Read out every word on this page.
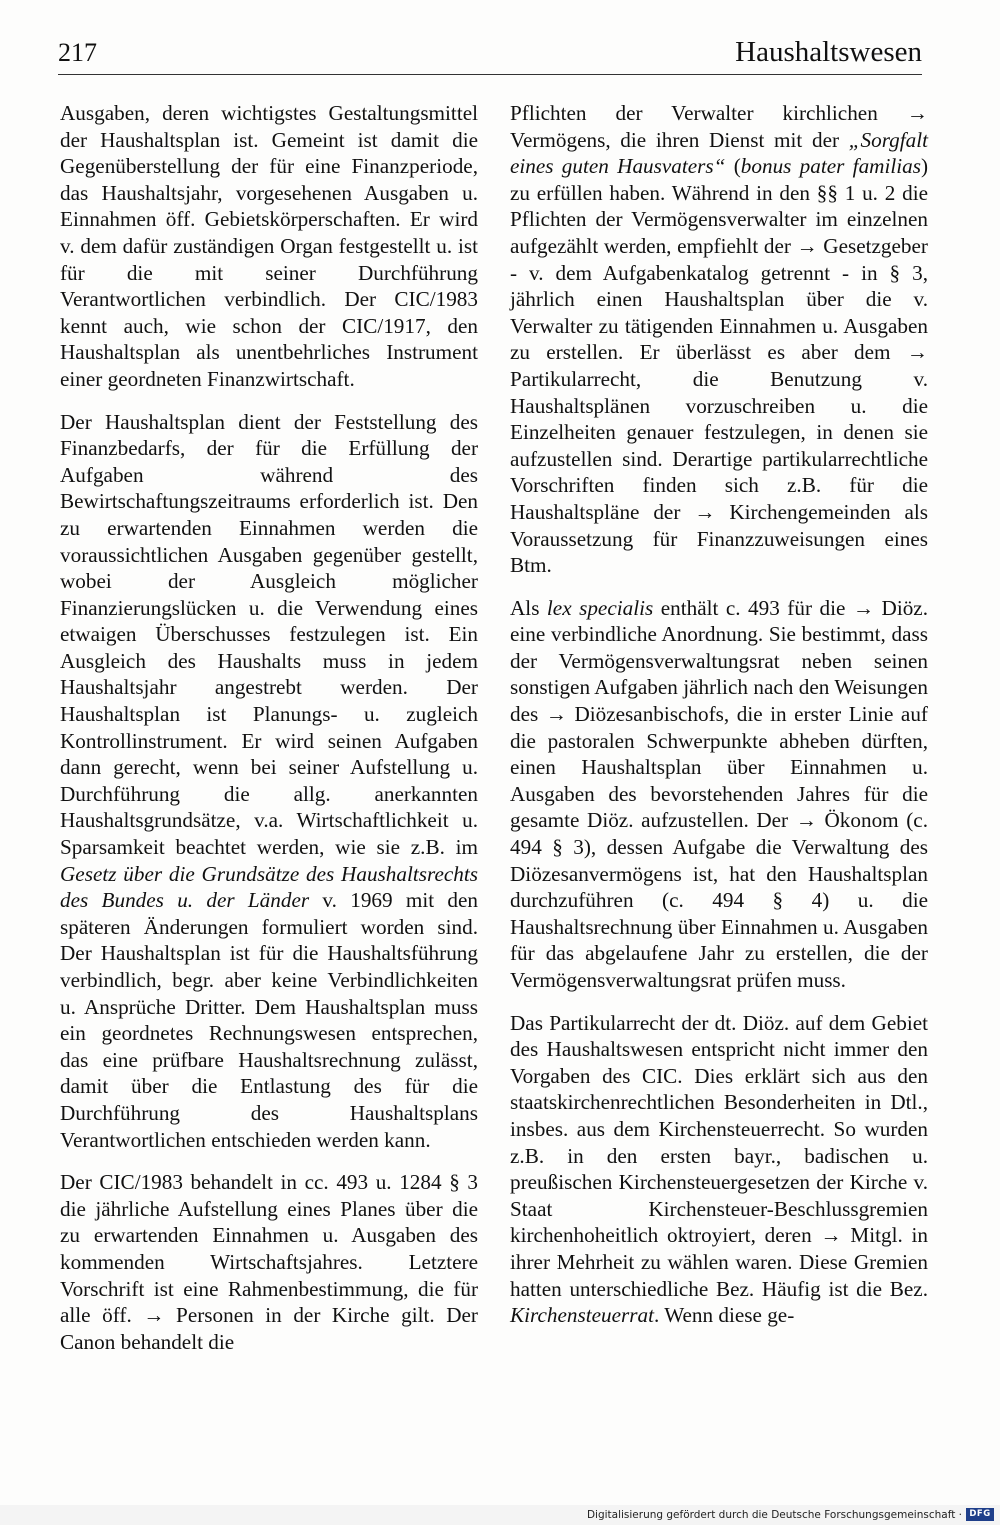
217	Haushaltswesen

Ausgaben, deren wichtigstes Gestaltungsmittel der Haushaltsplan ist. Gemeint ist damit die Gegenüberstellung der für eine Finanzperiode, das Haushaltsjahr, vorgesehenen Ausgaben u. Einnahmen öff. Gebietskörperschaften. Er wird v. dem dafür zuständigen Organ festgestellt u. ist für die mit seiner Durchführung Verantwortlichen verbindlich. Der CIC/1983 kennt auch, wie schon der CIC/1917, den Haushaltsplan als unentbehrliches Instrument einer geordneten Finanzwirtschaft.

Der Haushaltsplan dient der Feststellung des Finanzbedarfs, der für die Erfüllung der Aufgaben während des Bewirtschaftungszeitraums erforderlich ist. Den zu erwartenden Einnahmen werden die voraussichtlichen Ausgaben gegenüber gestellt, wobei der Ausgleich möglicher Finanzierungslücken u. die Verwendung eines etwaigen Überschusses festzulegen ist. Ein Ausgleich des Haushalts muss in jedem Haushaltsjahr angestrebt werden. Der Haushaltsplan ist Planungs- u. zugleich Kontrollinstrument. Er wird seinen Aufgaben dann gerecht, wenn bei seiner Aufstellung u. Durchführung die allg. anerkannten Haushaltsgrundsätze, v.a. Wirtschaftlichkeit u. Sparsamkeit beachtet werden, wie sie z.B. im Gesetz über die Grundsätze des Haushaltsrechts des Bundes u. der Länder v. 1969 mit den späteren Änderungen formuliert worden sind. Der Haushaltsplan ist für die Haushaltsführung verbindlich, begr. aber keine Verbindlichkeiten u. Ansprüche Dritter. Dem Haushaltsplan muss ein geordnetes Rechnungswesen entsprechen, das eine prüfbare Haushaltsrechnung zulässt, damit über die Entlastung des für die Durchführung des Haushaltsplans Verantwortlichen entschieden werden kann.

Der CIC/1983 behandelt in cc. 493 u. 1284 § 3 die jährliche Aufstellung eines Planes über die zu erwartenden Einnahmen u. Ausgaben des kommenden Wirtschaftsjahres. Letztere Vorschrift ist eine Rahmenbestimmung, die für alle öff. → Personen in der Kirche gilt. Der Canon behandelt die

Pflichten der Verwalter kirchlichen → Vermögens, die ihren Dienst mit der „Sorgfalt eines guten Hausvaters“ (bonus pater familias) zu erfüllen haben. Während in den §§ 1 u. 2 die Pflichten der Vermögensverwalter im einzelnen aufgezählt werden, empfiehlt der → Gesetzgeber - v. dem Aufgabenkatalog getrennt - in § 3, jährlich einen Haushaltsplan über die v. Verwalter zu tätigenden Einnahmen u. Ausgaben zu erstellen. Er überlässt es aber dem → Partikularrecht, die Benutzung v. Haushaltsplänen vorzuschreiben u. die Einzelheiten genauer festzulegen, in denen sie aufzustellen sind. Derartige partikularrechtliche Vorschriften finden sich z.B. für die Haushaltspläne der → Kirchengemeinden als Voraussetzung für Finanzzuweisungen eines Btm.

Als lex specialis enthält c. 493 für die → Diöz. eine verbindliche Anordnung. Sie bestimmt, dass der Vermögensverwaltungsrat neben seinen sonstigen Aufgaben jährlich nach den Weisungen des → Diözesanbischofs, die in erster Linie auf die pastoralen Schwerpunkte abheben dürften, einen Haushaltsplan über Einnahmen u. Ausgaben des bevorstehenden Jahres für die gesamte Diöz. aufzustellen. Der → Ökonom (c. 494 § 3), dessen Aufgabe die Verwaltung des Diözesanvermögens ist, hat den Haushaltsplan durchzuführen (c. 494 § 4) u. die Haushaltsrechnung über Einnahmen u. Ausgaben für das abgelaufene Jahr zu erstellen, die der Vermögensverwaltungsrat prüfen muss.

Das Partikularrecht der dt. Diöz. auf dem Gebiet des Haushaltswesen entspricht nicht immer den Vorgaben des CIC. Dies erklärt sich aus den staatskirchenrechtlichen Besonderheiten in Dtl., insbes. aus dem Kirchensteuerrecht. So wurden z.B. in den ersten bayr., badischen u. preußischen Kirchensteuergesetzen der Kirche v. Staat Kirchensteuer-Beschlussgremien kirchenhoheitlich oktroyiert, deren → Mitgl. in ihrer Mehrheit zu wählen waren. Diese Gremien hatten unterschiedliche Bez. Häufig ist die Bez. Kirchensteuerrat. Wenn diese ge-

Digitalisierung gefördert durch die Deutsche Forschungsgemeinschaft · DFG
